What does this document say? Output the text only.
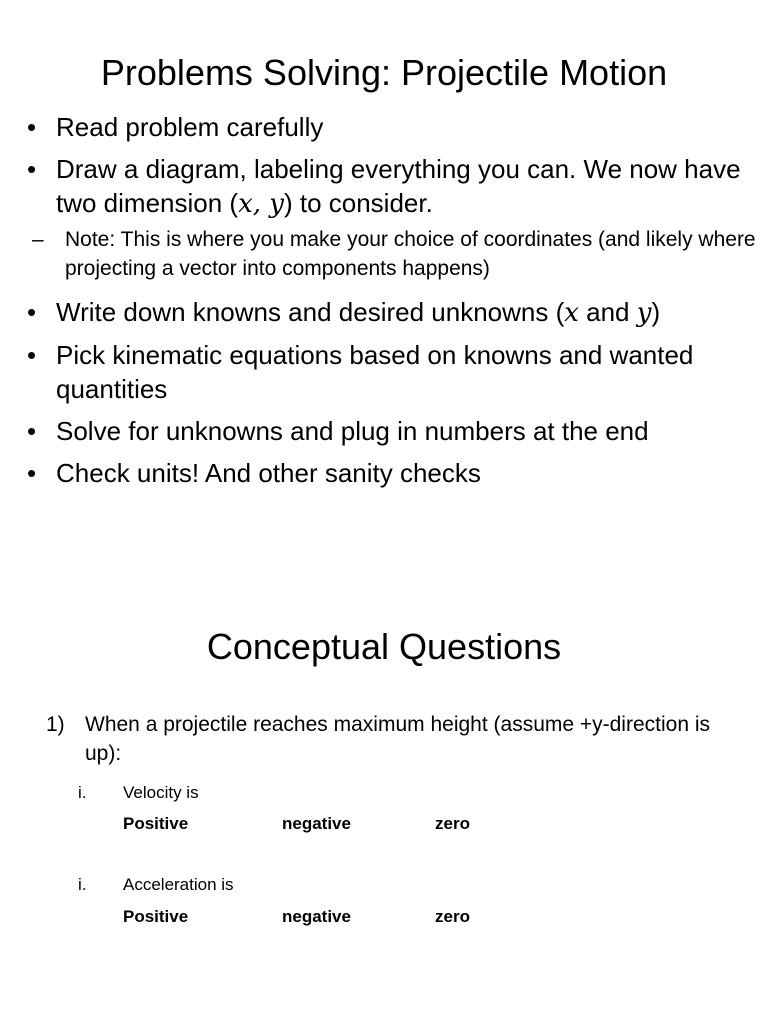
Problems Solving: Projectile Motion
• Read problem carefully
• Draw a diagram, labeling everything you can. We now have two dimension (x, y) to consider.
– Note: This is where you make your choice of coordinates (and likely where projecting a vector into components happens)
• Write down knowns and desired unknowns (x and y)
• Pick kinematic equations based on knowns and wanted quantities
• Solve for unknowns and plug in numbers at the end
• Check units! And other sanity checks
Conceptual Questions
1) When a projectile reaches maximum height (assume +y-direction is up):
i. Velocity is
Positive	negative	zero
i. Acceleration is
Positive	negative	zero
